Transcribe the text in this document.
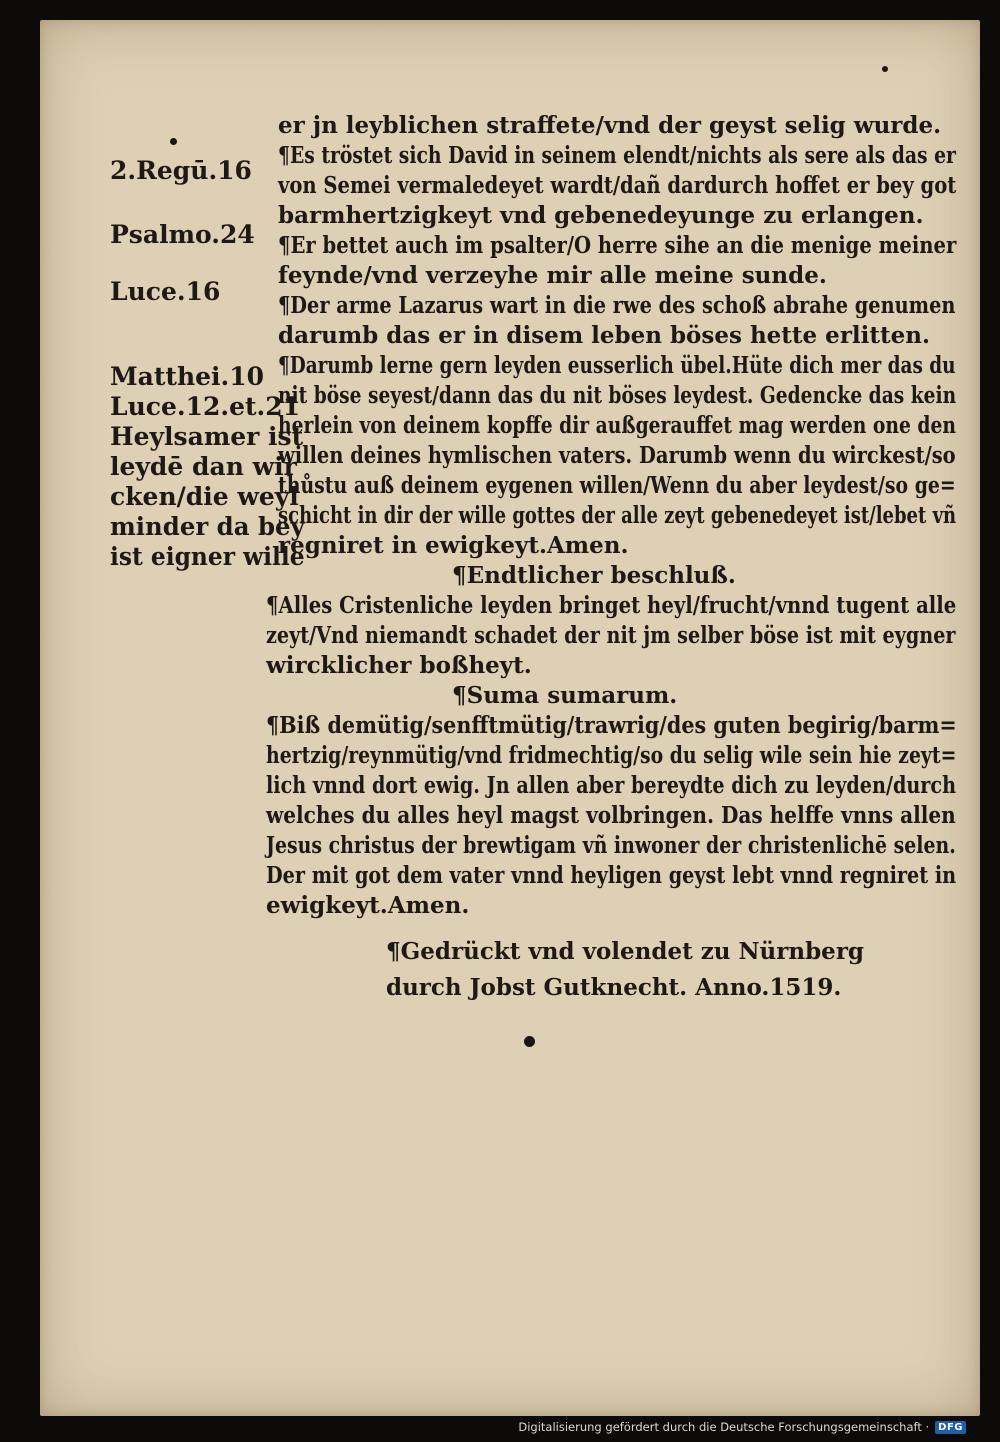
2.Regū.16
Psalmo.24
Luce.16
Matthei.10
Luce.12.et.21
Heylsamer ist
leydē dan wir
cken/die weyl
minder da bey
ist eigner wille
er jn leyblichen straffete/vnd der geyst selig wurde.
¶Es tröstet sich David in seinem elendt/nichts als sere als das er
von Semei vermaledeyet wardt/dañ dardurch hoffet er bey got
barmhertzigkeyt vnd gebenedeyunge zu erlangen.
¶Er bettet auch im psalter/O herre sihe an die menige meiner
feynde/vnd verzeyhe mir alle meine sunde.
¶Der arme Lazarus wart in die rwe des schoß abrahe genumen
darumb das er in disem leben böses hette erlitten.
¶Darumb lerne gern leyden eusserlich übel.Hüte dich mer das du
nit böse seyest/dann das du nit böses leydest. Gedencke das kein
herlein von deinem kopffe dir außgerauffet mag werden one den
willen deines hymlischen vaters. Darumb wenn du wirckest/so
thůstu auß deinem eygenen willen/Wenn du aber leydest/so ge=
schicht in dir der wille gottes der alle zeyt gebenedeyet ist/lebet vñ
regniret in ewigkeyt.Amen.
¶Endtlicher beschluß.
¶Alles Cristenliche leyden bringet heyl/frucht/vnnd tugent alle
zeyt/Vnd niemandt schadet der nit jm selber böse ist mit eygner
wircklicher boßheyt.
¶Suma sumarum.
¶Biß demütig/senfftmütig/trawrig/des guten begirig/barm=
hertzig/reynmütig/vnd fridmechtig/so du selig wile sein hie zeyt=
lich vnnd dort ewig. Jn allen aber bereydte dich zu leyden/durch
welches du alles heyl magst volbringen. Das helffe vnns allen
Jesus christus der brewtigam vñ inwoner der christenlichē selen.
Der mit got dem vater vnnd heyligen geyst lebt vnnd regniret in
ewigkeyt.Amen.
¶Gedrückt vnd volendet zu Nürnberg
durch Jobst Gutknecht. Anno.1519.
Digitalisierung gefördert durch die Deutsche Forschungsgemeinschaft · DFG
